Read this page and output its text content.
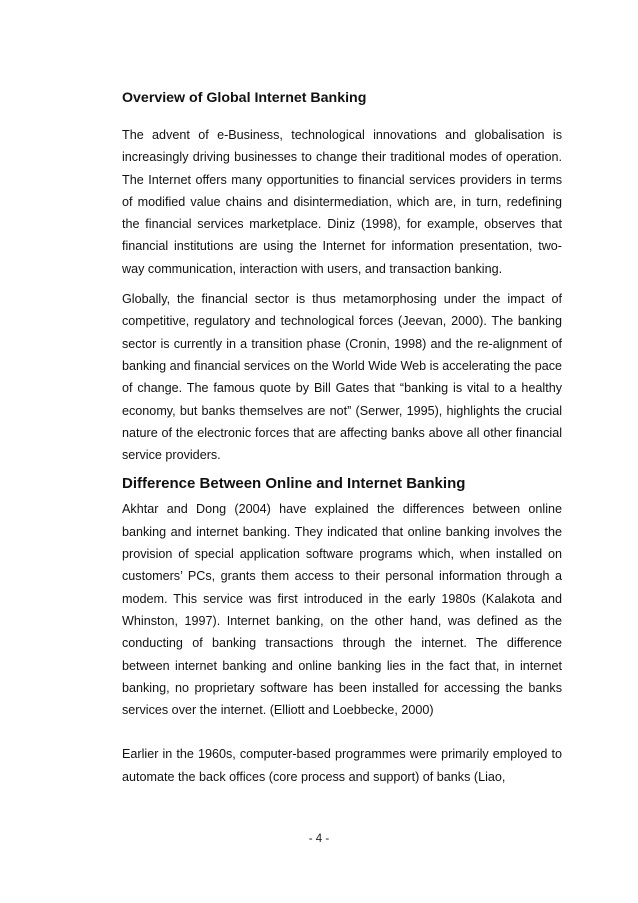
Overview of Global Internet Banking

The advent of e-Business, technological innovations and globalisation is increasingly driving businesses to change their traditional modes of operation. The Internet offers many opportunities to financial services providers in terms of modified value chains and disintermediation, which are, in turn, redefining the financial services marketplace. Diniz (1998), for example, observes that financial institutions are using the Internet for information presentation, two-way communication, interaction with users, and transaction banking.

Globally, the financial sector is thus metamorphosing under the impact of competitive, regulatory and technological forces (Jeevan, 2000). The banking sector is currently in a transition phase (Cronin, 1998) and the re-alignment of banking and financial services on the World Wide Web is accelerating the pace of change. The famous quote by Bill Gates that “banking is vital to a healthy economy, but banks themselves are not” (Serwer, 1995), highlights the crucial nature of the electronic forces that are affecting banks above all other financial service providers.

Difference Between Online and Internet Banking

Akhtar and Dong (2004) have explained the differences between online banking and internet banking. They indicated that online banking involves the provision of special application software programs which, when installed on customers’ PCs, grants them access to their personal information through a modem. This service was first introduced in the early 1980s (Kalakota and Whinston, 1997). Internet banking, on the other hand, was defined as the conducting of banking transactions through the internet. The difference between internet banking and online banking lies in the fact that, in internet banking, no proprietary software has been installed for accessing the banks services over the internet. (Elliott and Loebbecke, 2000)

Earlier in the 1960s, computer-based programmes were primarily employed to automate the back offices (core process and support) of banks (Liao,

- 4 -
